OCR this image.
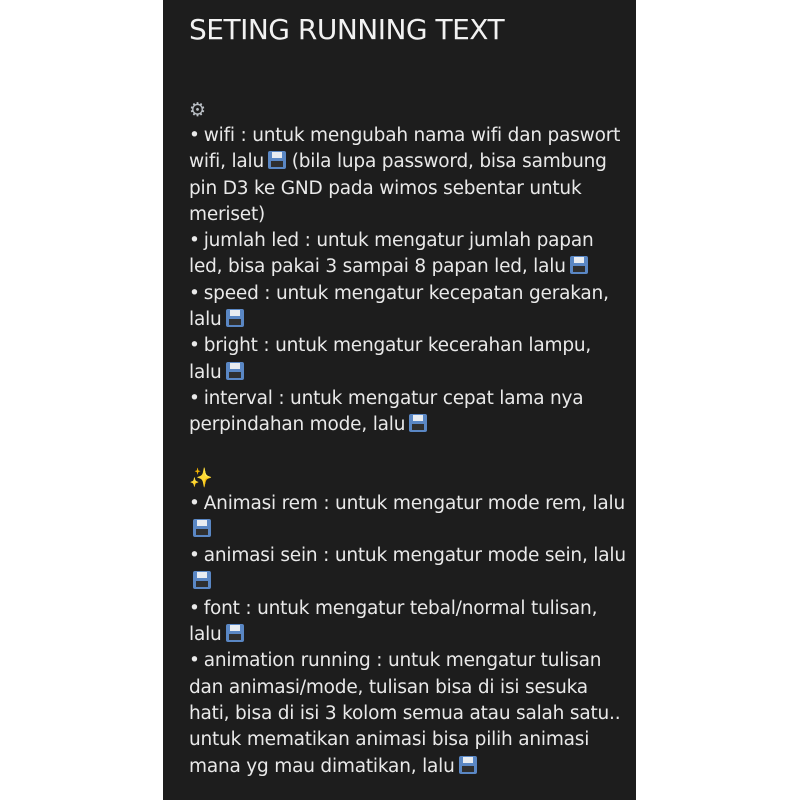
SETING RUNNING TEXT
⚙

• wifi : untuk mengubah nama wifi dan paswort wifi, lalu (bila lupa password, bisa sambung pin D3 ke GND pada wimos sebentar untuk meriset)

• jumlah led : untuk mengatur jumlah papan led, bisa pakai 3 sampai 8 papan led, lalu

• speed : untuk mengatur kecepatan gerakan, lalu

• bright : untuk mengatur kecerahan lampu, lalu

• interval : untuk mengatur cepat lama nya perpindahan mode, lalu

✨

• Animasi rem : untuk mengatur mode rem, lalu

• animasi sein : untuk mengatur mode sein, lalu

• font : untuk mengatur tebal/normal tulisan, lalu

• animation running : untuk mengatur tulisan dan animasi/mode, tulisan bisa di isi sesuka hati, bisa di isi 3 kolom semua atau salah satu.. untuk mematikan animasi bisa pilih animasi mana yg mau dimatikan, lalu
